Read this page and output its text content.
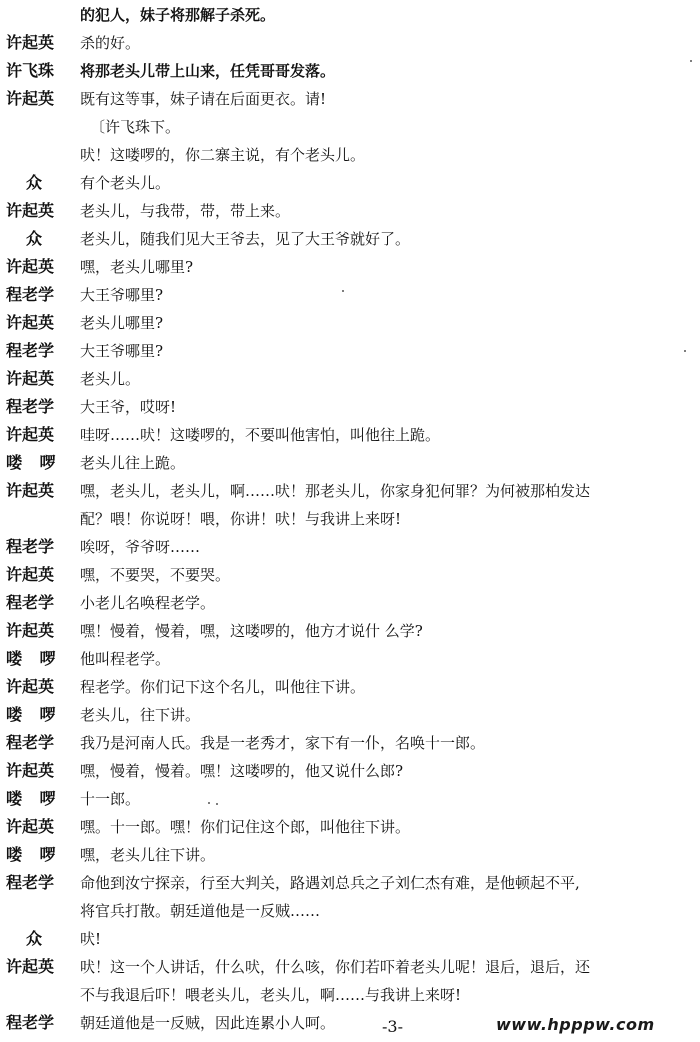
的犯人，妹子将那解子杀死。
许起英	杀的好。
许飞珠	将那老头儿带上山来，任凭哥哥发落。
许起英	既有这等事，妹子请在后面更衣。请!
〔许飞珠下。
吠！这喽啰的，你二寨主说，有个老头儿。
众	有个老头儿。
许起英	老头儿，与我带，带，带上来。
众	老头儿，随我们见大王爷去，见了大王爷就好了。
许起英	嘿，老头儿哪里?
程老学	大王爷哪里?
许起英	老头儿哪里?
程老学	大王爷哪里?
许起英	老头儿。
程老学	大王爷，哎呀!
许起英	哇呀……吠！这喽啰的，不要叫他害怕，叫他往上跪。
喽 啰	老头儿往上跪。
许起英	嘿，老头儿，老头儿，啊……吠！那老头儿，你家身犯何罪？为何被那柏发达
配？喂！你说呀！喂，你讲！吠！与我讲上来呀!
程老学	唉呀，爷爷呀……
许起英	嘿，不要哭，不要哭。
程老学	小老儿名唤程老学。
许起英	嘿！慢着，慢着，嘿，这喽啰的，他方才说什 么学?
喽 啰	他叫程老学。
许起英	程老学。你们记下这个名儿，叫他往下讲。
喽 啰	老头儿，往下讲。
程老学	我乃是河南人氏。我是一老秀才，家下有一仆，名唤十一郎。
许起英	嘿，慢着，慢着。嘿！这喽啰的，他又说什么郎?
喽 啰	十一郎。
许起英	嘿。十一郎。嘿！你们记住这个郎，叫他往下讲。
喽 啰	嘿，老头儿往下讲。
程老学	命他到汝宁探亲，行至大判关，路遇刘总兵之子刘仁杰有难，是他顿起不平,
将官兵打散。朝廷道他是一反贼……
众	吠!
许起英	吠！这一个人讲话，什么吠，什么咳，你们若吓着老头儿呢！退后，退后，还
不与我退后吓！喂老头儿，老头儿，啊……与我讲上来呀!
程老学	朝廷道他是一反贼，因此连累小人呵。	-3-	www.hpppw.com
